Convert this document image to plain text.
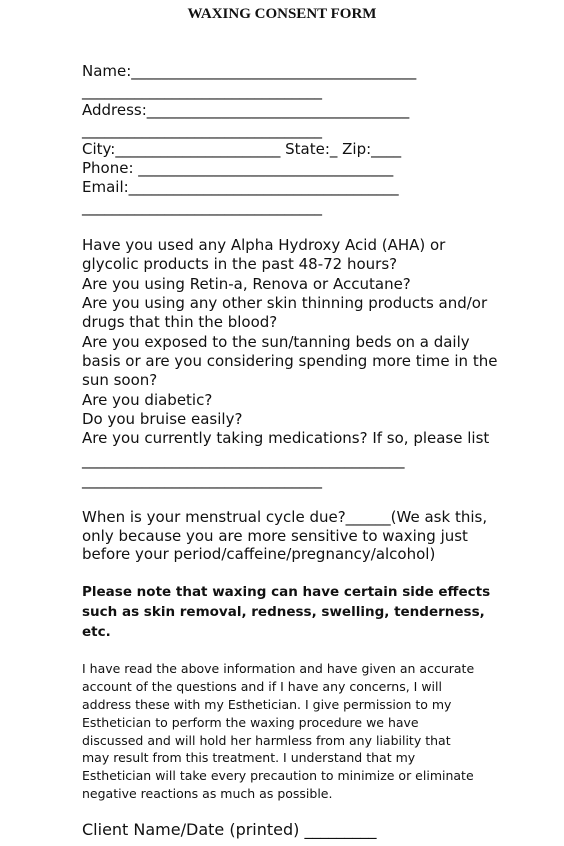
WAXING CONSENT FORM
Name:______________________________________
________________________________
Address:___________________________________
________________________________
City:______________________ State:_ Zip:____
Phone: __________________________________
Email:____________________________________
________________________________
Have you used any Alpha Hydroxy Acid (AHA) or
glycolic products in the past 48-72 hours?
Are you using Retin-a, Renova or Accutane?
Are you using any other skin thinning products and/or
drugs that thin the blood?
Are you exposed to the sun/tanning beds on a daily
basis or are you considering spending more time in the
sun soon?
Are you diabetic?
Do you bruise easily?
Are you currently taking medications? If so, please list
___________________________________________
________________________________
When is your menstrual cycle due?______(We ask this,
only because you are more sensitive to waxing just
before your period/caffeine/pregnancy/alcohol)
Please note that waxing can have certain side effects
such as skin removal, redness, swelling, tenderness,
etc.
I have read the above information and have given an accurate
account of the questions and if I have any concerns, I will
address these with my Esthetician. I give permission to my
Esthetician to perform the waxing procedure we have
discussed and will hold her harmless from any liability that
may result from this treatment. I understand that my
Esthetician will take every precaution to minimize or eliminate
negative reactions as much as possible.
Client Name/Date (printed) _________
